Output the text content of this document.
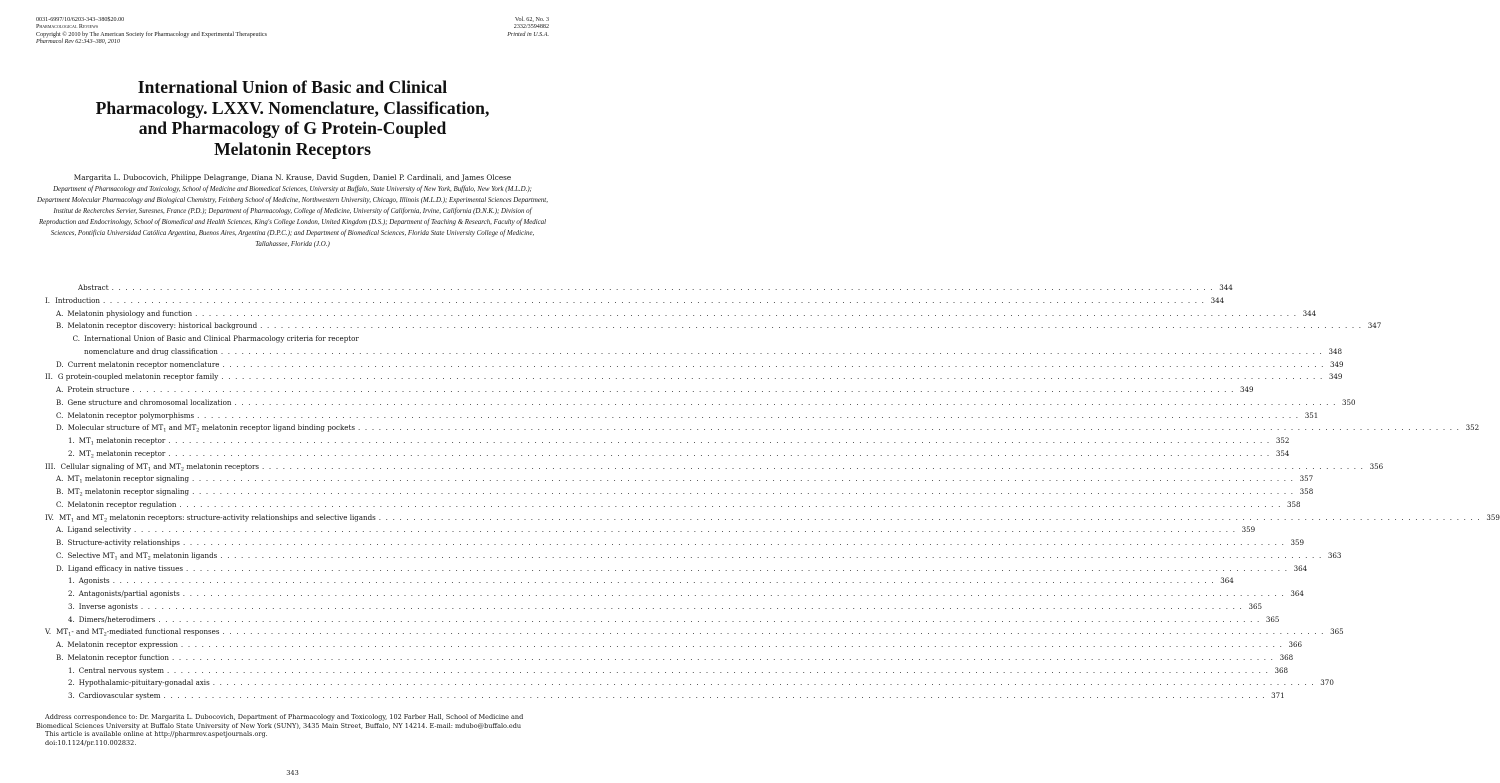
0031-6997/10/6203-343–380$20.00
Pharmacological Reviews
Copyright © 2010 by The American Society for Pharmacology and Experimental Therapeutics
Pharmacol Rev 62:343–380, 2010
Vol. 62, No. 3
2332/3594882
Printed in U.S.A.
International Union of Basic and Clinical
Pharmacology. LXXV. Nomenclature, Classification,
and Pharmacology of G Protein-Coupled
Melatonin Receptors
Margarita L. Dubocovich, Philippe Delagrange, Diana N. Krause, David Sugden, Daniel P. Cardinali, and James Olcese
Department of Pharmacology and Toxicology, School of Medicine and Biomedical Sciences, University at Buffalo, State University of New York, Buffalo, New York (M.L.D.); Department Molecular Pharmacology and Biological Chemistry, Feinberg School of Medicine, Northwestern University, Chicago, Illinois (M.L.D.); Experimental Sciences Department, Institut de Recherches Servier, Suresnes, France (P.D.); Department of Pharmacology, College of Medicine, University of California, Irvine, California (D.N.K.); Division of Reproduction and Endocrinology, School of Biomedical and Health Sciences, King's College London, United Kingdom (D.S.); Department of Teaching & Research, Faculty of Medical Sciences, Pontificia Universidad Católica Argentina, Buenos Aires, Argentina (D.P.C.); and Department of Biomedical Sciences, Florida State University College of Medicine, Tallahassee, Florida (J.O.)
Abstract . . . . . . . . . . . . . . . . . . . . . . . . . . . . . . . . . . . . . . . . . . . . . . . . . . . . . . . . . . . . . . . . . . . . . . . . . . . . . . . . . . . . . . . . . . . . . . . . . . . . . . . . . . . . . . . . . . . . . . . . . . . . . . . . . . . . . . . . . . . . . . . . . . . . . . . . . . . . . . . . 344
I. Introduction . . . . . . . . . . . . . . . . . . . . . . . . . . . . . . . . . . . . . . . . . . . . . . . . . . . . . . . . . . . . . . . . . . . . . . . . . . . . . . . . . . . . . . . . . . . . . . . . . . . . . . . . . . . . . . . . . . . . . . . . . . . . . . . . . . . . . . . . . . . . . . . . . . . . . . . . . . . . . . . . 344
A. Melatonin physiology and function . . . . . . . . . . . . . . . . . . . . . . . . . . . . . . . . . . . . . . . . . . . . . . . . . . . . . . . . . . . . . . . . . . . . . . . . . . . . . . . . . . . . . . . . . . . . . . . . . . . . . . . . . . . . . . . . . . . . . . . . . . . . . . . . . . . . . . . . . . . . . . . . . . . . . . . . . . . . . . . . 344
B. Melatonin receptor discovery: historical background . . . . . . . . . . . . . . . . . . . . . . . . . . . . . . . . . . . . . . . . . . . . . . . . . . . . . . . . . . . . . . . . . . . . . . . . . . . . . . . . . . . . . . . . . . . . . . . . . . . . . . . . . . . . . . . . . . . . . . . . . . . . . . . . . . . . . . . . . . . . . . . . . . . . . . . . . . . . . . . . 347
C. International Union of Basic and Clinical Pharmacology criteria for receptor
nomenclature and drug classification . . . . . . . . . . . . . . . . . . . . . . . . . . . . . . . . . . . . . . . . . . . . . . . . . . . . . . . . . . . . . . . . . . . . . . . . . . . . . . . . . . . . . . . . . . . . . . . . . . . . . . . . . . . . . . . . . . . . . . . . . . . . . . . . . . . . . . . . . . . . . . . . . . . . . . . . . . . . . . . . 348
D. Current melatonin receptor nomenclature . . . . . . . . . . . . . . . . . . . . . . . . . . . . . . . . . . . . . . . . . . . . . . . . . . . . . . . . . . . . . . . . . . . . . . . . . . . . . . . . . . . . . . . . . . . . . . . . . . . . . . . . . . . . . . . . . . . . . . . . . . . . . . . . . . . . . . . . . . . . . . . . . . . . . . . . . . . . . . . . 349
II. G protein-coupled melatonin receptor family . . . . . . . . . . . . . . . . . . . . . . . . . . . . . . . . . . . . . . . . . . . . . . . . . . . . . . . . . . . . . . . . . . . . . . . . . . . . . . . . . . . . . . . . . . . . . . . . . . . . . . . . . . . . . . . . . . . . . . . . . . . . . . . . . . . . . . . . . . . . . . . . . . . . . . . . . . . . . . . . 349
A. Protein structure . . . . . . . . . . . . . . . . . . . . . . . . . . . . . . . . . . . . . . . . . . . . . . . . . . . . . . . . . . . . . . . . . . . . . . . . . . . . . . . . . . . . . . . . . . . . . . . . . . . . . . . . . . . . . . . . . . . . . . . . . . . . . . . . . . . . . . . . . . . . . . . . . . . . . . . . . . . . . . . . 349
B. Gene structure and chromosomal localization . . . . . . . . . . . . . . . . . . . . . . . . . . . . . . . . . . . . . . . . . . . . . . . . . . . . . . . . . . . . . . . . . . . . . . . . . . . . . . . . . . . . . . . . . . . . . . . . . . . . . . . . . . . . . . . . . . . . . . . . . . . . . . . . . . . . . . . . . . . . . . . . . . . . . . . . . . . . . . . . 350
C. Melatonin receptor polymorphisms . . . . . . . . . . . . . . . . . . . . . . . . . . . . . . . . . . . . . . . . . . . . . . . . . . . . . . . . . . . . . . . . . . . . . . . . . . . . . . . . . . . . . . . . . . . . . . . . . . . . . . . . . . . . . . . . . . . . . . . . . . . . . . . . . . . . . . . . . . . . . . . . . . . . . . . . . . . . . . . . 351
D. Molecular structure of $MT_1$ and $MT_2$ melatonin receptor ligand binding pockets . . . . . . . . . . . . . . . . . . . . . . . . . . . . . . . . . . . . . . . . . . . . . . . . . . . . . . . . . . . . . . . . . . . . . . . . . . . . . . . . . . . . . . . . . . . . . . . . . . . . . . . . . . . . . . . . . . . . . . . . . . . . . . . . . . . . . . . . . . . . . . . . . . . . . . . . . . . . . . . . 352
1. $MT_1$ melatonin receptor . . . . . . . . . . . . . . . . . . . . . . . . . . . . . . . . . . . . . . . . . . . . . . . . . . . . . . . . . . . . . . . . . . . . . . . . . . . . . . . . . . . . . . . . . . . . . . . . . . . . . . . . . . . . . . . . . . . . . . . . . . . . . . . . . . . . . . . . . . . . . . . . . . . . . . . . . . . . . . . . 352
2. $MT_2$ melatonin receptor . . . . . . . . . . . . . . . . . . . . . . . . . . . . . . . . . . . . . . . . . . . . . . . . . . . . . . . . . . . . . . . . . . . . . . . . . . . . . . . . . . . . . . . . . . . . . . . . . . . . . . . . . . . . . . . . . . . . . . . . . . . . . . . . . . . . . . . . . . . . . . . . . . . . . . . . . . . . . . . . 354
III. Cellular signaling of $MT_1$ and $MT_2$ melatonin receptors . . . . . . . . . . . . . . . . . . . . . . . . . . . . . . . . . . . . . . . . . . . . . . . . . . . . . . . . . . . . . . . . . . . . . . . . . . . . . . . . . . . . . . . . . . . . . . . . . . . . . . . . . . . . . . . . . . . . . . . . . . . . . . . . . . . . . . . . . . . . . . . . . . . . . . . . . . . . . . . . 356
A. $MT_1$ melatonin receptor signaling . . . . . . . . . . . . . . . . . . . . . . . . . . . . . . . . . . . . . . . . . . . . . . . . . . . . . . . . . . . . . . . . . . . . . . . . . . . . . . . . . . . . . . . . . . . . . . . . . . . . . . . . . . . . . . . . . . . . . . . . . . . . . . . . . . . . . . . . . . . . . . . . . . . . . . . . . . . . . . . . 357
B. $MT_2$ melatonin receptor signaling . . . . . . . . . . . . . . . . . . . . . . . . . . . . . . . . . . . . . . . . . . . . . . . . . . . . . . . . . . . . . . . . . . . . . . . . . . . . . . . . . . . . . . . . . . . . . . . . . . . . . . . . . . . . . . . . . . . . . . . . . . . . . . . . . . . . . . . . . . . . . . . . . . . . . . . . . . . . . . . . 358
C. Melatonin receptor regulation . . . . . . . . . . . . . . . . . . . . . . . . . . . . . . . . . . . . . . . . . . . . . . . . . . . . . . . . . . . . . . . . . . . . . . . . . . . . . . . . . . . . . . . . . . . . . . . . . . . . . . . . . . . . . . . . . . . . . . . . . . . . . . . . . . . . . . . . . . . . . . . . . . . . . . . . . . . . . . . . 358
IV. $MT_1$ and $MT_2$ melatonin receptors: structure-activity relationships and selective ligands . . . . . . . . . . . . . . . . . . . . . . . . . . . . . . . . . . . . . . . . . . . . . . . . . . . . . . . . . . . . . . . . . . . . . . . . . . . . . . . . . . . . . . . . . . . . . . . . . . . . . . . . . . . . . . . . . . . . . . . . . . . . . . . . . . . . . . . . . . . . . . . . . . . . . . . . . . . . . . . . 359
A. Ligand selectivity . . . . . . . . . . . . . . . . . . . . . . . . . . . . . . . . . . . . . . . . . . . . . . . . . . . . . . . . . . . . . . . . . . . . . . . . . . . . . . . . . . . . . . . . . . . . . . . . . . . . . . . . . . . . . . . . . . . . . . . . . . . . . . . . . . . . . . . . . . . . . . . . . . . . . . . . . . . . . . . . 359
B. Structure-activity relationships . . . . . . . . . . . . . . . . . . . . . . . . . . . . . . . . . . . . . . . . . . . . . . . . . . . . . . . . . . . . . . . . . . . . . . . . . . . . . . . . . . . . . . . . . . . . . . . . . . . . . . . . . . . . . . . . . . . . . . . . . . . . . . . . . . . . . . . . . . . . . . . . . . . . . . . . . . . . . . . . 359
C. Selective $MT_1$ and $MT_2$ melatonin ligands . . . . . . . . . . . . . . . . . . . . . . . . . . . . . . . . . . . . . . . . . . . . . . . . . . . . . . . . . . . . . . . . . . . . . . . . . . . . . . . . . . . . . . . . . . . . . . . . . . . . . . . . . . . . . . . . . . . . . . . . . . . . . . . . . . . . . . . . . . . . . . . . . . . . . . . . . . . . . . . . 363
D. Ligand efficacy in native tissues . . . . . . . . . . . . . . . . . . . . . . . . . . . . . . . . . . . . . . . . . . . . . . . . . . . . . . . . . . . . . . . . . . . . . . . . . . . . . . . . . . . . . . . . . . . . . . . . . . . . . . . . . . . . . . . . . . . . . . . . . . . . . . . . . . . . . . . . . . . . . . . . . . . . . . . . . . . . . . . . 364
1. Agonists . . . . . . . . . . . . . . . . . . . . . . . . . . . . . . . . . . . . . . . . . . . . . . . . . . . . . . . . . . . . . . . . . . . . . . . . . . . . . . . . . . . . . . . . . . . . . . . . . . . . . . . . . . . . . . . . . . . . . . . . . . . . . . . . . . . . . . . . . . . . . . . . . . . . . . . . . . . . . . . . 364
2. Antagonists/partial agonists . . . . . . . . . . . . . . . . . . . . . . . . . . . . . . . . . . . . . . . . . . . . . . . . . . . . . . . . . . . . . . . . . . . . . . . . . . . . . . . . . . . . . . . . . . . . . . . . . . . . . . . . . . . . . . . . . . . . . . . . . . . . . . . . . . . . . . . . . . . . . . . . . . . . . . . . . . . . . . . . 364
3. Inverse agonists . . . . . . . . . . . . . . . . . . . . . . . . . . . . . . . . . . . . . . . . . . . . . . . . . . . . . . . . . . . . . . . . . . . . . . . . . . . . . . . . . . . . . . . . . . . . . . . . . . . . . . . . . . . . . . . . . . . . . . . . . . . . . . . . . . . . . . . . . . . . . . . . . . . . . . . . . . . . . . . . 365
4. Dimers/heterodimers . . . . . . . . . . . . . . . . . . . . . . . . . . . . . . . . . . . . . . . . . . . . . . . . . . . . . . . . . . . . . . . . . . . . . . . . . . . . . . . . . . . . . . . . . . . . . . . . . . . . . . . . . . . . . . . . . . . . . . . . . . . . . . . . . . . . . . . . . . . . . . . . . . . . . . . . . . . . . . . . 365
V. $MT_1-$ and $MT_2$-mediated functional responses . . . . . . . . . . . . . . . . . . . . . . . . . . . . . . . . . . . . . . . . . . . . . . . . . . . . . . . . . . . . . . . . . . . . . . . . . . . . . . . . . . . . . . . . . . . . . . . . . . . . . . . . . . . . . . . . . . . . . . . . . . . . . . . . . . . . . . . . . . . . . . . . . . . . . . . . . . . . . . . . 365
A. Melatonin receptor expression . . . . . . . . . . . . . . . . . . . . . . . . . . . . . . . . . . . . . . . . . . . . . . . . . . . . . . . . . . . . . . . . . . . . . . . . . . . . . . . . . . . . . . . . . . . . . . . . . . . . . . . . . . . . . . . . . . . . . . . . . . . . . . . . . . . . . . . . . . . . . . . . . . . . . . . . . . . . . . . . 366
B. Melatonin receptor function . . . . . . . . . . . . . . . . . . . . . . . . . . . . . . . . . . . . . . . . . . . . . . . . . . . . . . . . . . . . . . . . . . . . . . . . . . . . . . . . . . . . . . . . . . . . . . . . . . . . . . . . . . . . . . . . . . . . . . . . . . . . . . . . . . . . . . . . . . . . . . . . . . . . . . . . . . . . . . . . 368
1. Central nervous system . . . . . . . . . . . . . . . . . . . . . . . . . . . . . . . . . . . . . . . . . . . . . . . . . . . . . . . . . . . . . . . . . . . . . . . . . . . . . . . . . . . . . . . . . . . . . . . . . . . . . . . . . . . . . . . . . . . . . . . . . . . . . . . . . . . . . . . . . . . . . . . . . . . . . . . . . . . . . . . . 368
2. Hypothalamic-pituitary-gonadal axis . . . . . . . . . . . . . . . . . . . . . . . . . . . . . . . . . . . . . . . . . . . . . . . . . . . . . . . . . . . . . . . . . . . . . . . . . . . . . . . . . . . . . . . . . . . . . . . . . . . . . . . . . . . . . . . . . . . . . . . . . . . . . . . . . . . . . . . . . . . . . . . . . . . . . . . . . . . . . . . . 370
3. Cardiovascular system . . . . . . . . . . . . . . . . . . . . . . . . . . . . . . . . . . . . . . . . . . . . . . . . . . . . . . . . . . . . . . . . . . . . . . . . . . . . . . . . . . . . . . . . . . . . . . . . . . . . . . . . . . . . . . . . . . . . . . . . . . . . . . . . . . . . . . . . . . . . . . . . . . . . . . . . . . . . . . . . 371

Address correspondence to: Dr. Margarita L. Dubocovich, Department of Pharmacology and Toxicology, 102 Farber Hall, School of Medicine and Biomedical Sciences University at Buffalo State University of New York (SUNY), 3435 Main Street, Buffalo, NY 14214. E-mail: mdubo@buffalo.edu

This article is available online at http://pharmrev.aspetjournals.org.

doi:10.1124/pr.110.002832.

343
